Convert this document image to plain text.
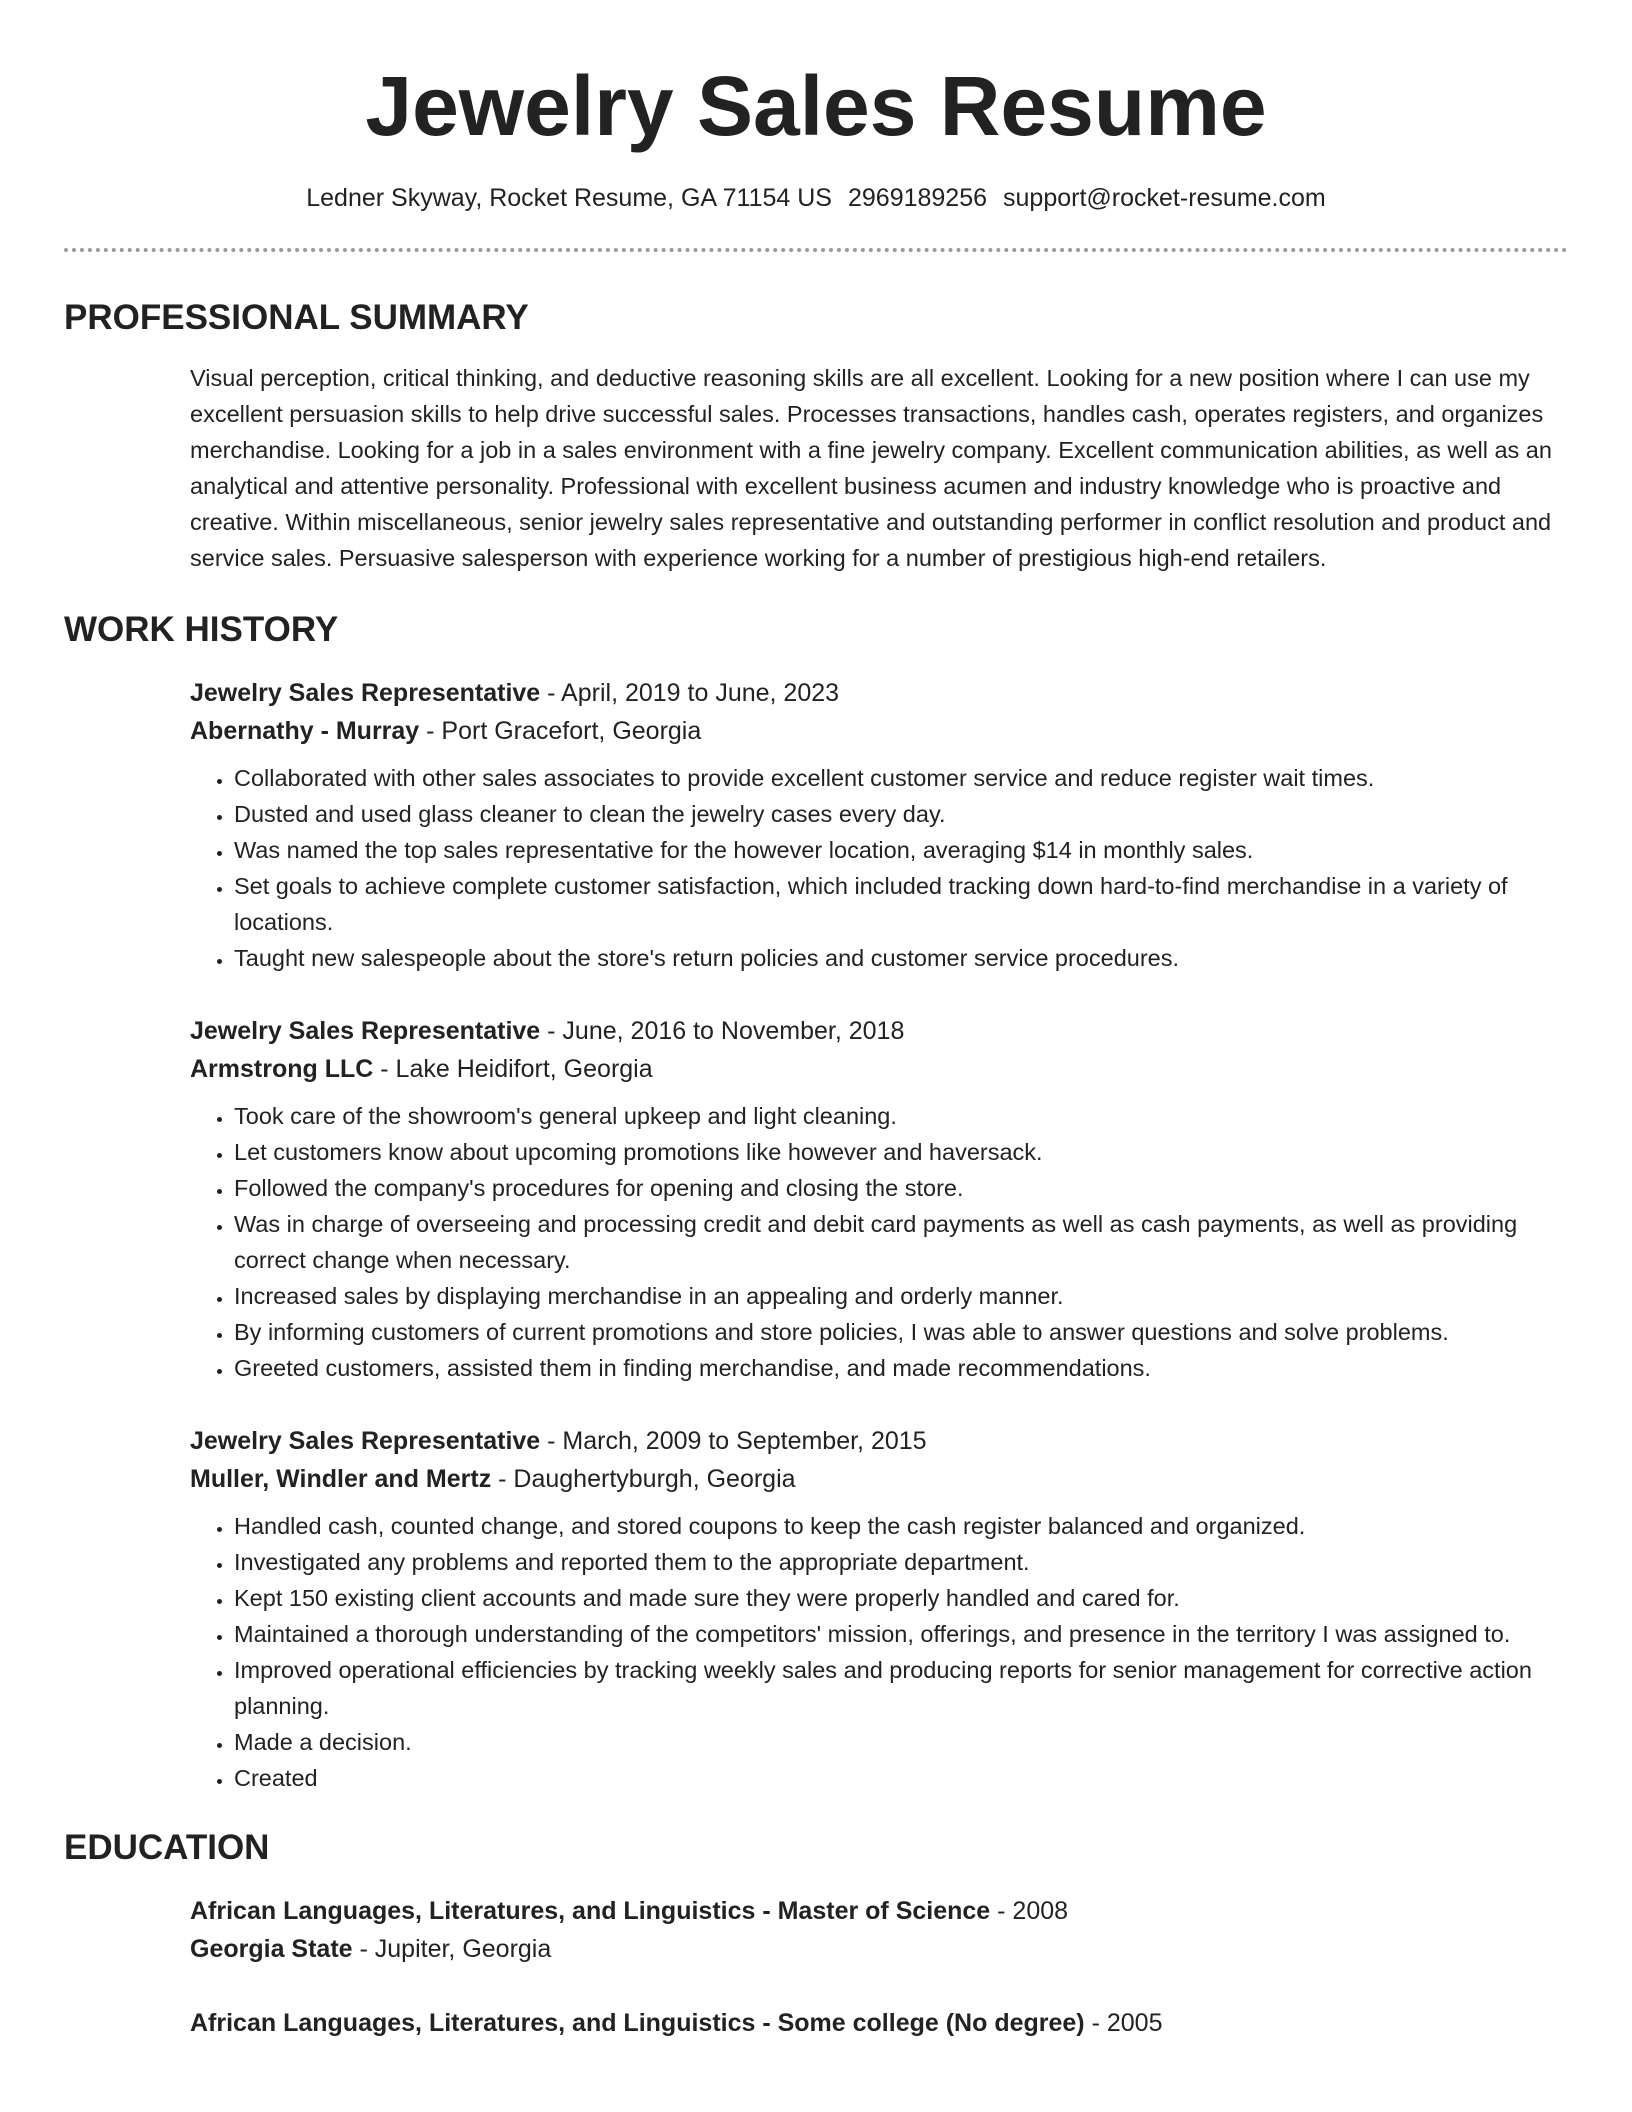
Jewelry Sales Resume
Ledner Skyway, Rocket Resume, GA 71154 US 2969189256 support@rocket-resume.com
PROFESSIONAL SUMMARY

Visual perception, critical thinking, and deductive reasoning skills are all excellent. Looking for a new position where I can use my excellent persuasion skills to help drive successful sales. Processes transactions, handles cash, operates registers, and organizes merchandise. Looking for a job in a sales environment with a fine jewelry company. Excellent communication abilities, as well as an analytical and attentive personality. Professional with excellent business acumen and industry knowledge who is proactive and creative. Within miscellaneous, senior jewelry sales representative and outstanding performer in conflict resolution and product and service sales. Persuasive salesperson with experience working for a number of prestigious high-end retailers.

WORK HISTORY
Jewelry Sales Representative - April, 2019 to June, 2023
Abernathy - Murray - Port Gracefort, Georgia
• Collaborated with other sales associates to provide excellent customer service and reduce register wait times.
• Dusted and used glass cleaner to clean the jewelry cases every day.
• Was named the top sales representative for the however location, averaging $14 in monthly sales.
• Set goals to achieve complete customer satisfaction, which included tracking down hard-to-find merchandise in a variety of locations.
• Taught new salespeople about the store's return policies and customer service procedures.
Jewelry Sales Representative - June, 2016 to November, 2018
Armstrong LLC - Lake Heidifort, Georgia
• Took care of the showroom's general upkeep and light cleaning.
• Let customers know about upcoming promotions like however and haversack.
• Followed the company's procedures for opening and closing the store.
• Was in charge of overseeing and processing credit and debit card payments as well as cash payments, as well as providing correct change when necessary.
• Increased sales by displaying merchandise in an appealing and orderly manner.
• By informing customers of current promotions and store policies, I was able to answer questions and solve problems.
• Greeted customers, assisted them in finding merchandise, and made recommendations.
Jewelry Sales Representative - March, 2009 to September, 2015
Muller, Windler and Mertz - Daughertyburgh, Georgia
• Handled cash, counted change, and stored coupons to keep the cash register balanced and organized.
• Investigated any problems and reported them to the appropriate department.
• Kept 150 existing client accounts and made sure they were properly handled and cared for.
• Maintained a thorough understanding of the competitors' mission, offerings, and presence in the territory I was assigned to.
• Improved operational efficiencies by tracking weekly sales and producing reports for senior management for corrective action planning.
• Made a decision.
• Created
EDUCATION
African Languages, Literatures, and Linguistics - Master of Science - 2008
Georgia State - Jupiter, Georgia
African Languages, Literatures, and Linguistics - Some college (No degree) - 2005
